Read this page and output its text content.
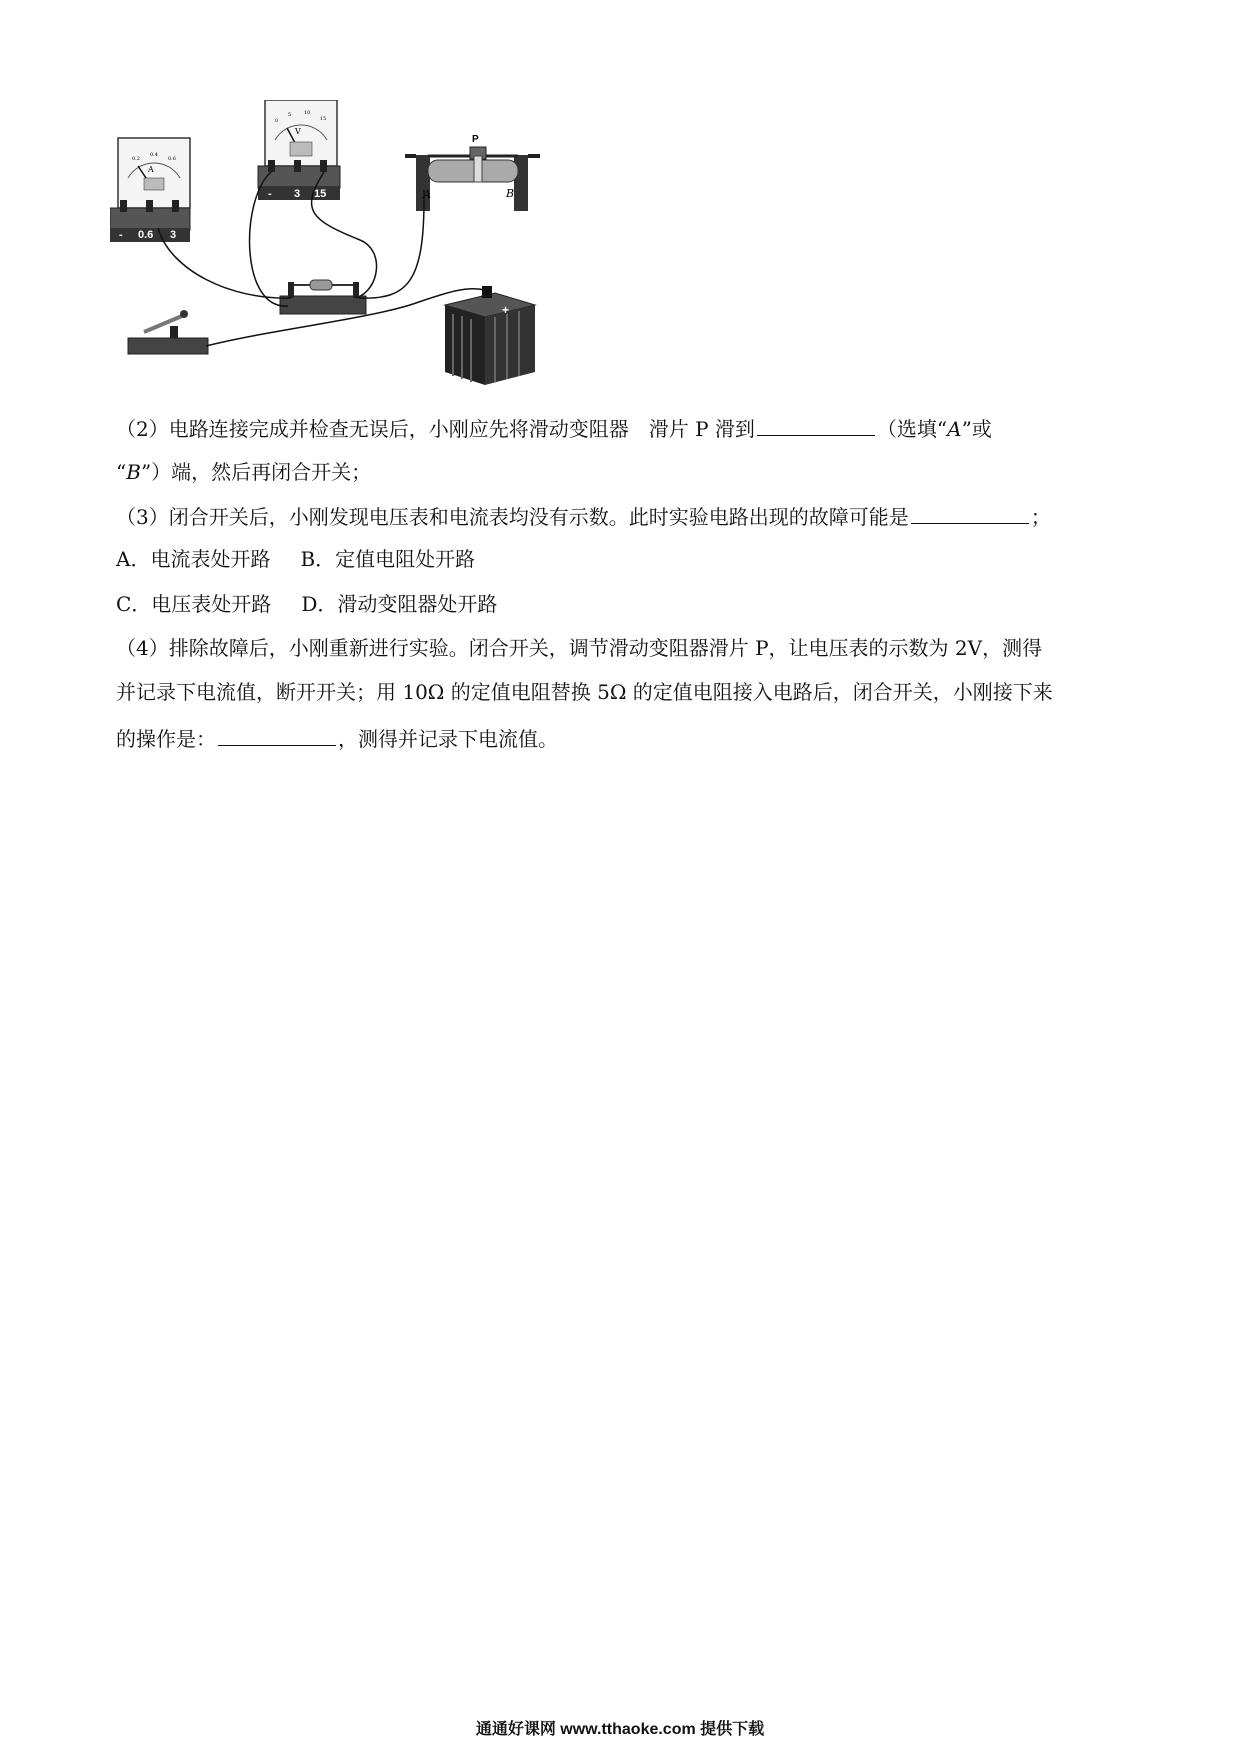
A
0.2
0.4
0.6
- 0.6 3
V
0
5	10
15
- 3 15
P
A	B
+
（2）电路连接完成并检查无误后，小刚应先将滑动变阻器　滑片 P 滑到	（选填“A”或
“B”）端，然后再闭合开关；
（3）闭合开关后，小刚发现电压表和电流表均没有示数。此时实验电路出现的故障可能是	；
A．电流表处开路 B．定值电阻处开路
C．电压表处开路 D．滑动变阻器处开路
（4）排除故障后，小刚重新进行实验。闭合开关，调节滑动变阻器滑片 P，让电压表的示数为 2V，测得
并记录下电流值，断开开关；用 10Ω 的定值电阻替换 5Ω 的定值电阻接入电路后，闭合开关，小刚接下来
的操作是：	，测得并记录下电流值。
通通好课网 www.tthaoke.com 提供下载
